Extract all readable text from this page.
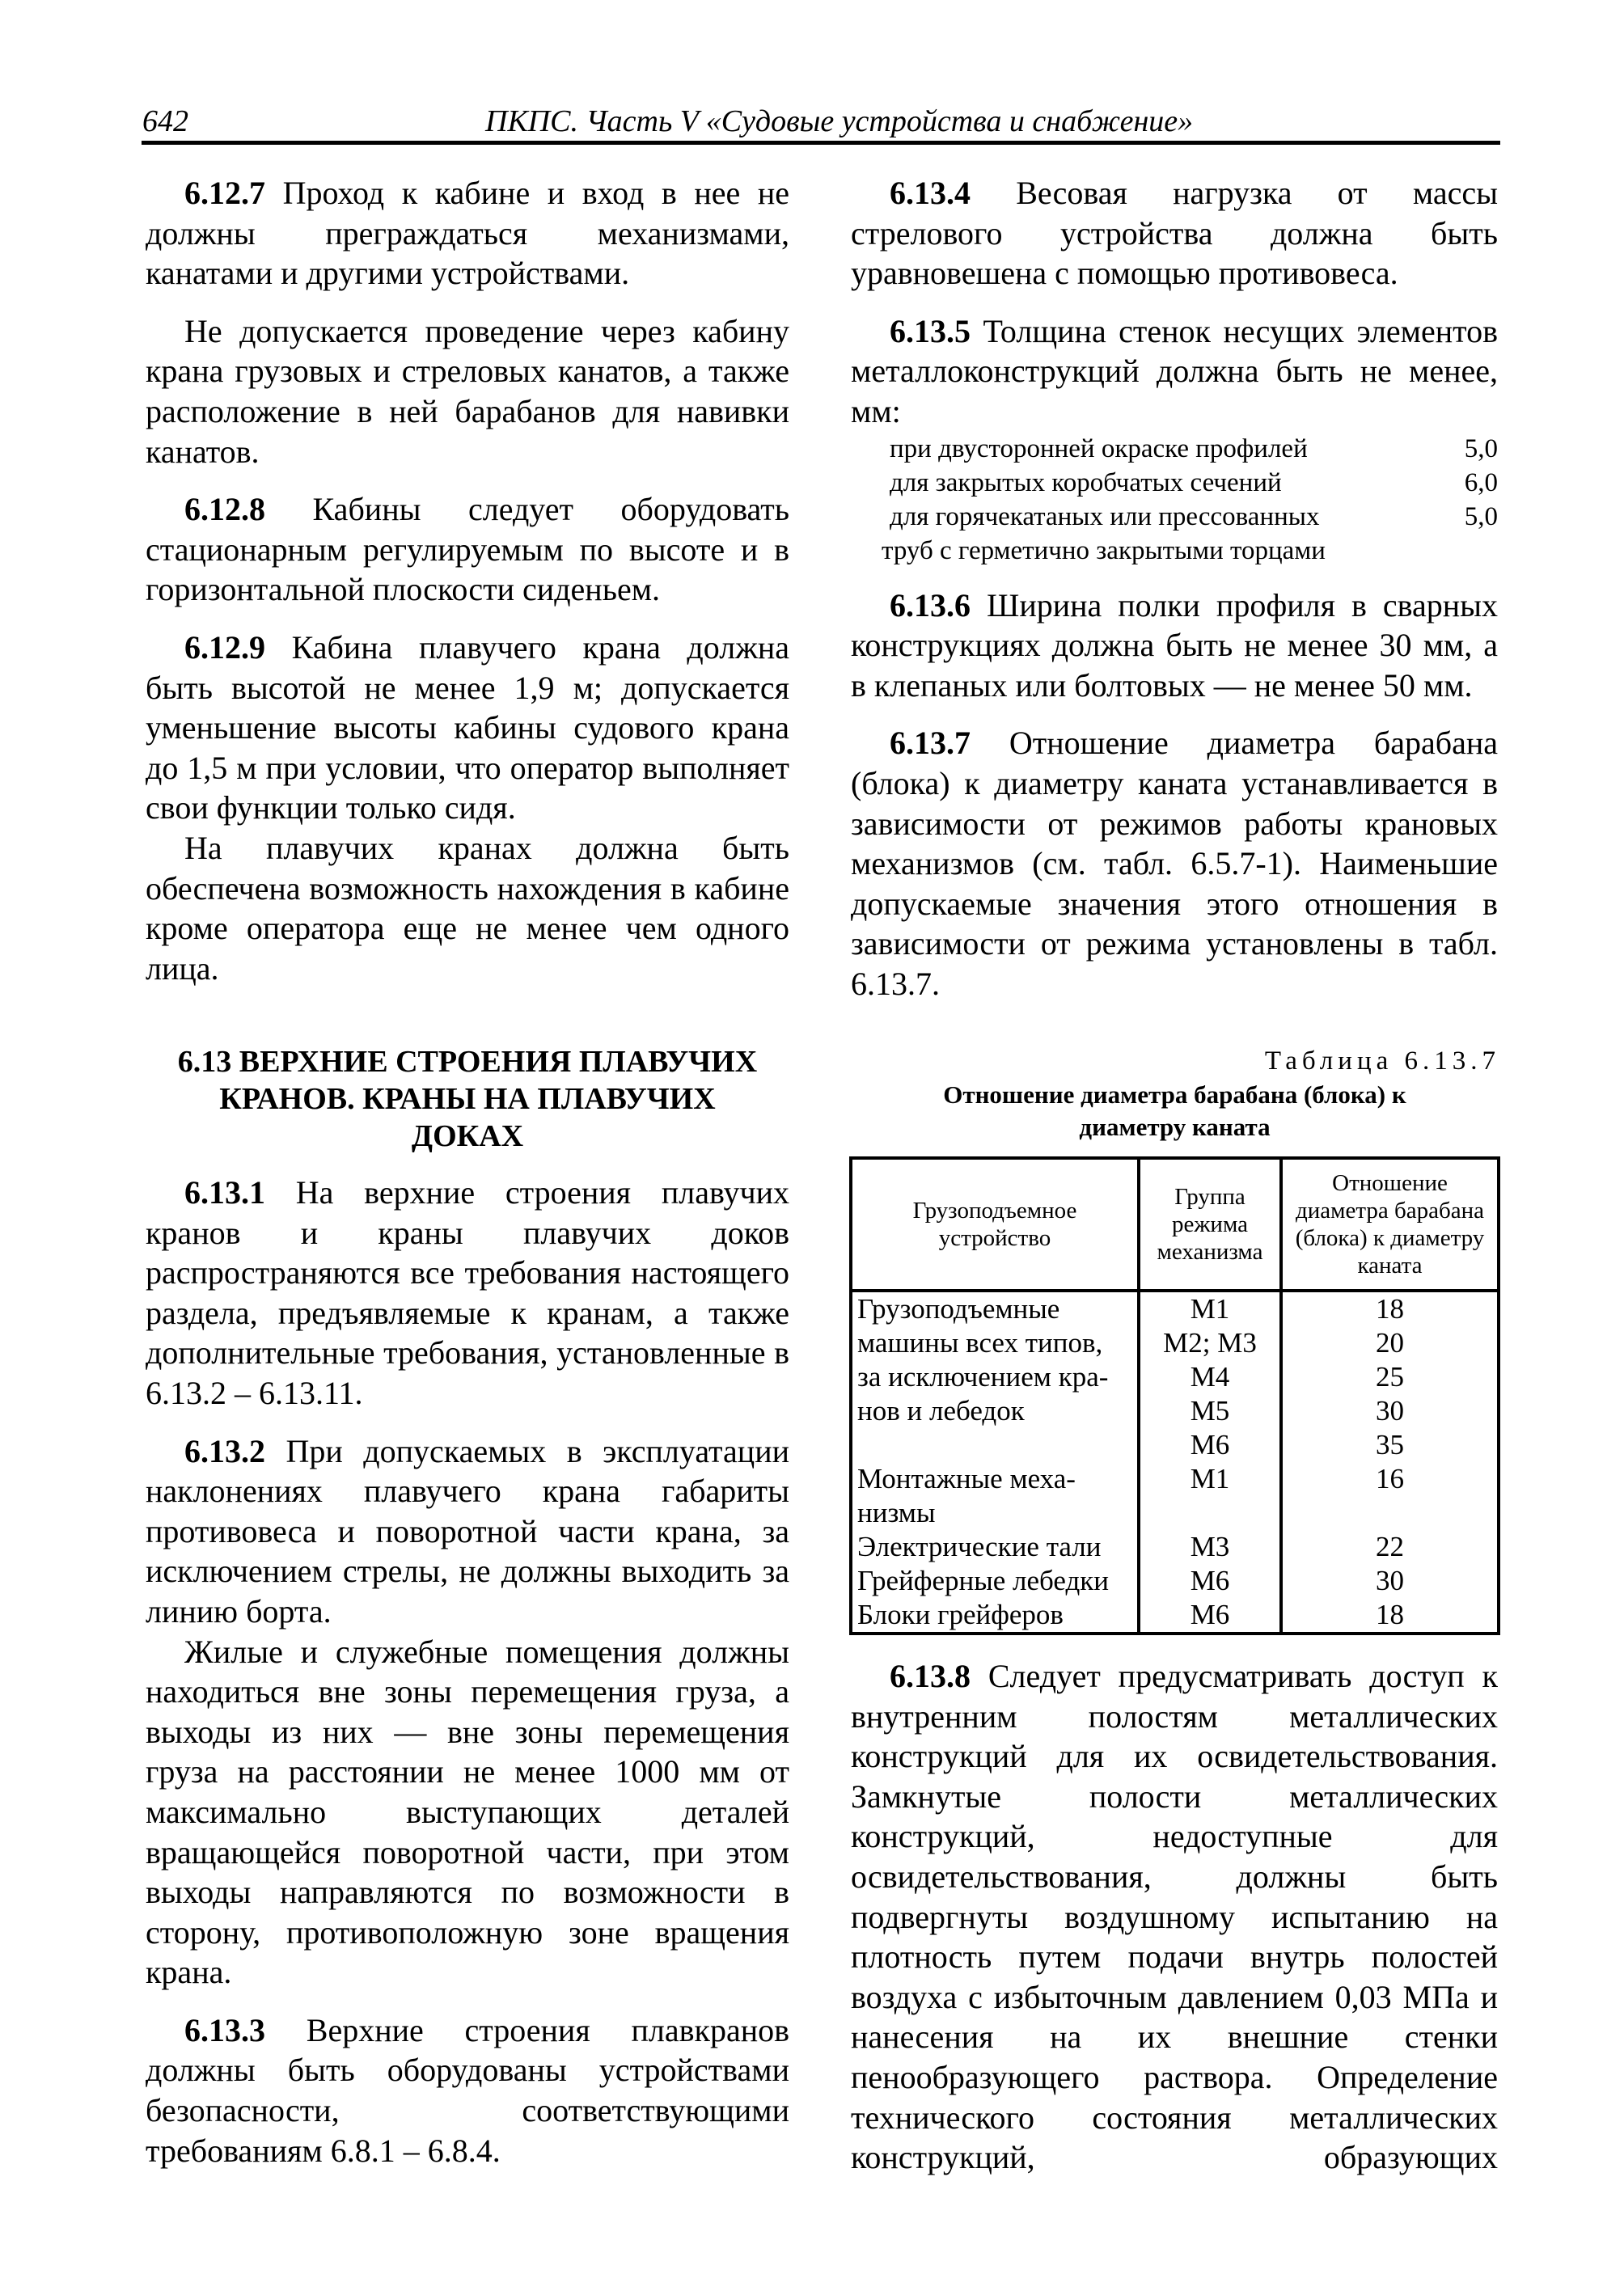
642	ПКПС. Часть V «Судовые устройства и снабжение»

6.12.7 Проход к кабине и вход в нее не должны преграждаться механизмами, канатами и другими устройствами.

Не допускается проведение через кабину крана грузовых и стреловых канатов, а также расположение в ней барабанов для навивки канатов.

6.12.8 Кабины следует оборудовать стационарным регулируемым по высоте и в горизонтальной плоскости сиденьем.

6.12.9 Кабина плавучего крана должна быть высотой не менее 1,9 м; допускается уменьшение высоты кабины судового крана до 1,5 м при условии, что оператор выполняет свои функции только сидя.

На плавучих кранах должна быть обеспечена возможность нахождения в кабине кроме оператора еще не менее чем одного лица.

6.13 ВЕРХНИЕ СТРОЕНИЯ ПЛАВУЧИХ КРАНОВ. КРАНЫ НА ПЛАВУЧИХ ДОКАХ

6.13.1 На верхние строения плавучих кранов и краны плавучих доков распространяются все требования настоящего раздела, предъявляемые к кранам, а также дополнительные требования, установленные в 6.13.2 – 6.13.11.

6.13.2 При допускаемых в эксплуатации наклонениях плавучего крана габариты противовеса и поворотной части крана, за исключением стрелы, не должны выходить за линию борта.

Жилые и служебные помещения должны находиться вне зоны перемещения груза, а выходы из них — вне зоны перемещения груза на расстоянии не менее 1000 мм от максимально выступающих деталей вращающейся поворотной части, при этом выходы направляются по возможности в сторону, противоположную зоне вращения крана.

6.13.3 Верхние строения плавкранов должны быть оборудованы устройствами безопасности, соответствующими требованиям 6.8.1 – 6.8.4.

6.13.4 Весовая нагрузка от массы стрелового устройства должна быть уравновешена с помощью противовеса.

6.13.5 Толщина стенок несущих элементов металлоконструкций должна быть не менее, мм:

при двусторонней окраске профилей	5,0
для закрытых коробчатых сечений	6,0
для горячекатаных или прессованных	5,0
труб с герметично закрытыми торцами

6.13.6 Ширина полки профиля в сварных конструкциях должна быть не менее 30 мм, а в клепаных или болтовых — не менее 50 мм.

6.13.7 Отношение диаметра барабана (блока) к диаметру каната устанавливается в зависимости от режимов работы крановых механизмов (см. табл. 6.5.7-1). Наименьшие допускаемые значения этого отношения в зависимости от режима установлены в табл. 6.13.7.

Таблица 6.13.7
Отношение диаметра барабана (блока) к диаметру каната
Грузоподъемное устройство	Группа режима механизма	Отношение диаметра барабана (блока) к диаметру каната
Грузоподъемные	М1	18
машины всех типов,	М2; М3	20
за исключением кра-	М4	25
нов и лебедок	М5	30
	М6	35
Монтажные меха-	М1	16
низмы		
Электрические тали	М3	22
Грейферные лебедки	М6	30
Блоки грейферов	М6	18

6.13.8 Следует предусматривать доступ к внутренним полостям металлических конструкций для их освидетельствования. Замкнутые полости металлических конструкций, недоступные для освидетельствования, должны быть подвергнуты воздушному испытанию на плотность путем подачи внутрь полостей воздуха с избыточным давлением 0,03 МПа и нанесения на их внешние стенки пенообразующего раствора. Определение технического состояния металлических конструкций, образующих
